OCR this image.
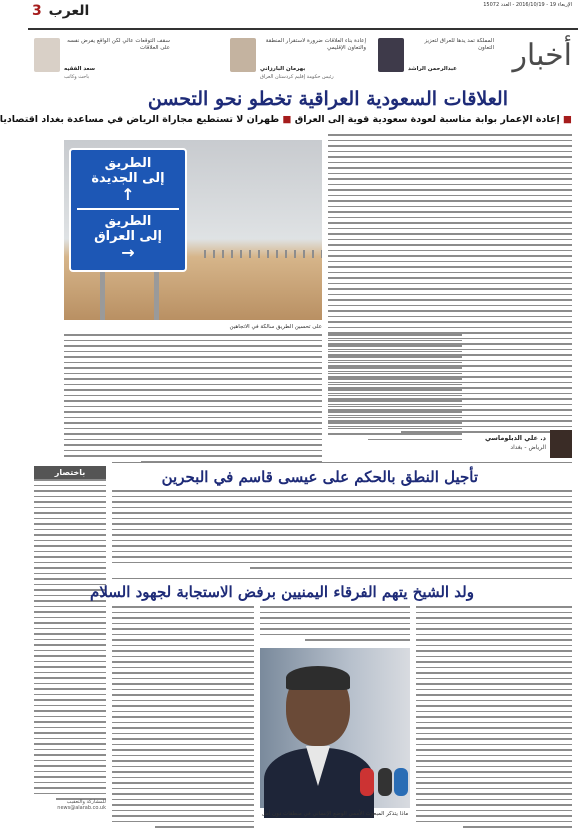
الإربعاء 19 - 2016/10/19 - العدد 15072
العرب 3
أخبار
سقف التوقعات عالي لكن الواقع يفرض نفسه على العلاقات
سعد الفقيه
باحث وكاتب
إعادة بناء العلاقات ضرورة لاستقرار المنطقة والتعاون الإقليمي
بهرمان البارزاني
رئيس حكومة إقليم كردستان العراق
المملكة تمد يدها للعراق لتعزيز التعاون
عبدالرحمن الراشد
العلاقات السعودية العراقية تخطو نحو التحسن
■ إعادة الإعمار بوابة مناسبة لعودة سعودية قوية إلى العراق ■ طهران لا تستطيع مجاراة الرياض في مساعدة بغداد اقتصاديا
الطريق
إلى الجديدة
↑
الطريق
إلى العراق
→
على تحسين الطريق سالكة في الاتجاهين
د. علي الدبلوماسي
الرياض - بغداد
باختصار
للمشاركة والتعقيب news@alarab.co.uk
تأجيل النطق بالحكم على عيسى قاسم في البحرين
ولد الشيخ يتهم الفرقاء اليمنيين برفض الاستجابة لجهود السلام
ماذا يتذكر المبعوث الأممي الوضع الإنساني في منطقات دون أمل
